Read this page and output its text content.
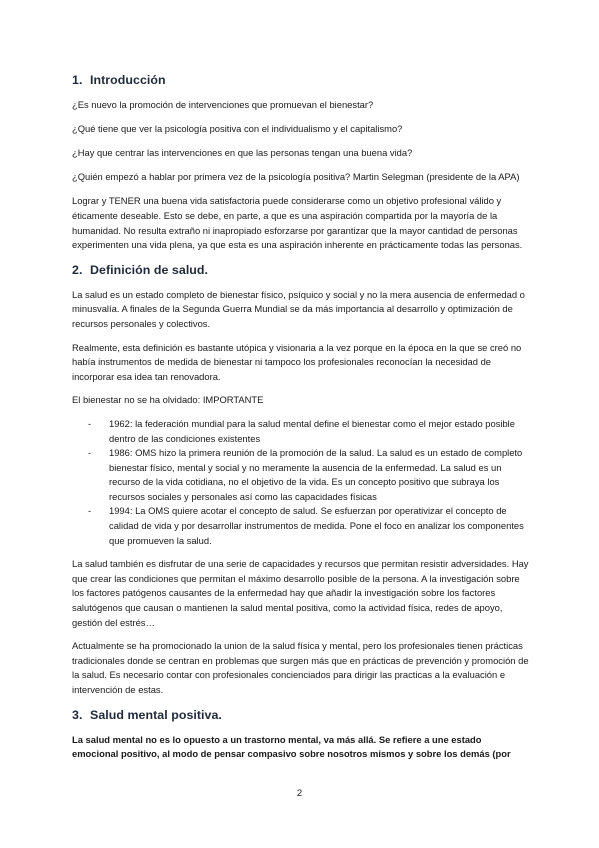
1. Introducción

¿Es nuevo la promoción de intervenciones que promuevan el bienestar?

¿Qué tiene que ver la psicología positiva con el individualismo y el capitalismo?

¿Hay que centrar las intervenciones en que las personas tengan una buena vida?

¿Quién empezó a hablar por primera vez de la psicología positiva? Martin Selegman (presidente de la APA)

Lograr y TENER una buena vida satisfactoria puede considerarse como un objetivo profesional válido y éticamente deseable. Esto se debe, en parte, a que es una aspiración compartida por la mayoría de la humanidad. No resulta extraño ni inapropiado esforzarse por garantizar que la mayor cantidad de personas experimenten una vida plena, ya que esta es una aspiración inherente en prácticamente todas las personas.

2. Definición de salud.

La salud es un estado completo de bienestar físico, psíquico y social y no la mera ausencia de enfermedad o minusvalía. A finales de la Segunda Guerra Mundial se da más importancia al desarrollo y optimización de recursos personales y colectivos.

Realmente, esta definición es bastante utópica y visionaria a la vez porque en la época en la que se creó no había instrumentos de medida de bienestar ni tampoco los profesionales reconocían la necesidad de incorporar esa idea tan renovadora.

El bienestar no se ha olvidado: IMPORTANTE

- 1962: la federación mundial para la salud mental define el bienestar como el mejor estado posible dentro de las condiciones existentes
- 1986: OMS hizo la primera reunión de la promoción de la salud. La salud es un estado de completo bienestar físico, mental y social y no meramente la ausencia de la enfermedad. La salud es un recurso de la vida cotidiana, no el objetivo de la vida. Es un concepto positivo que subraya los recursos sociales y personales así como las capacidades físicas
- 1994: La OMS quiere acotar el concepto de salud. Se esfuerzan por operativizar el concepto de calidad de vida y por desarrollar instrumentos de medida. Pone el foco en analizar los componentes que promueven la salud.

La salud también es disfrutar de una serie de capacidades y recursos que permitan resistir adversidades. Hay que crear las condiciones que permitan el máximo desarrollo posible de la persona. A la investigación sobre los factores patógenos causantes de la enfermedad hay que añadir la investigación sobre los factores salutógenos que causan o mantienen la salud mental positiva, como la actividad física, redes de apoyo, gestión del estrés…

Actualmente se ha promocionado la union de la salud física y mental, pero los profesionales tienen prácticas tradicionales donde se centran en problemas que surgen más que en prácticas de prevención y promoción de la salud. Es necesario contar con profesionales concienciados para dirigir las practicas a la evaluación e intervención de estas.

3. Salud mental positiva.

La salud mental no es lo opuesto a un trastorno mental, va más allá. Se refiere a une estado emocional positivo, al modo de pensar compasivo sobre nosotros mismos y sobre los demás (por

2
